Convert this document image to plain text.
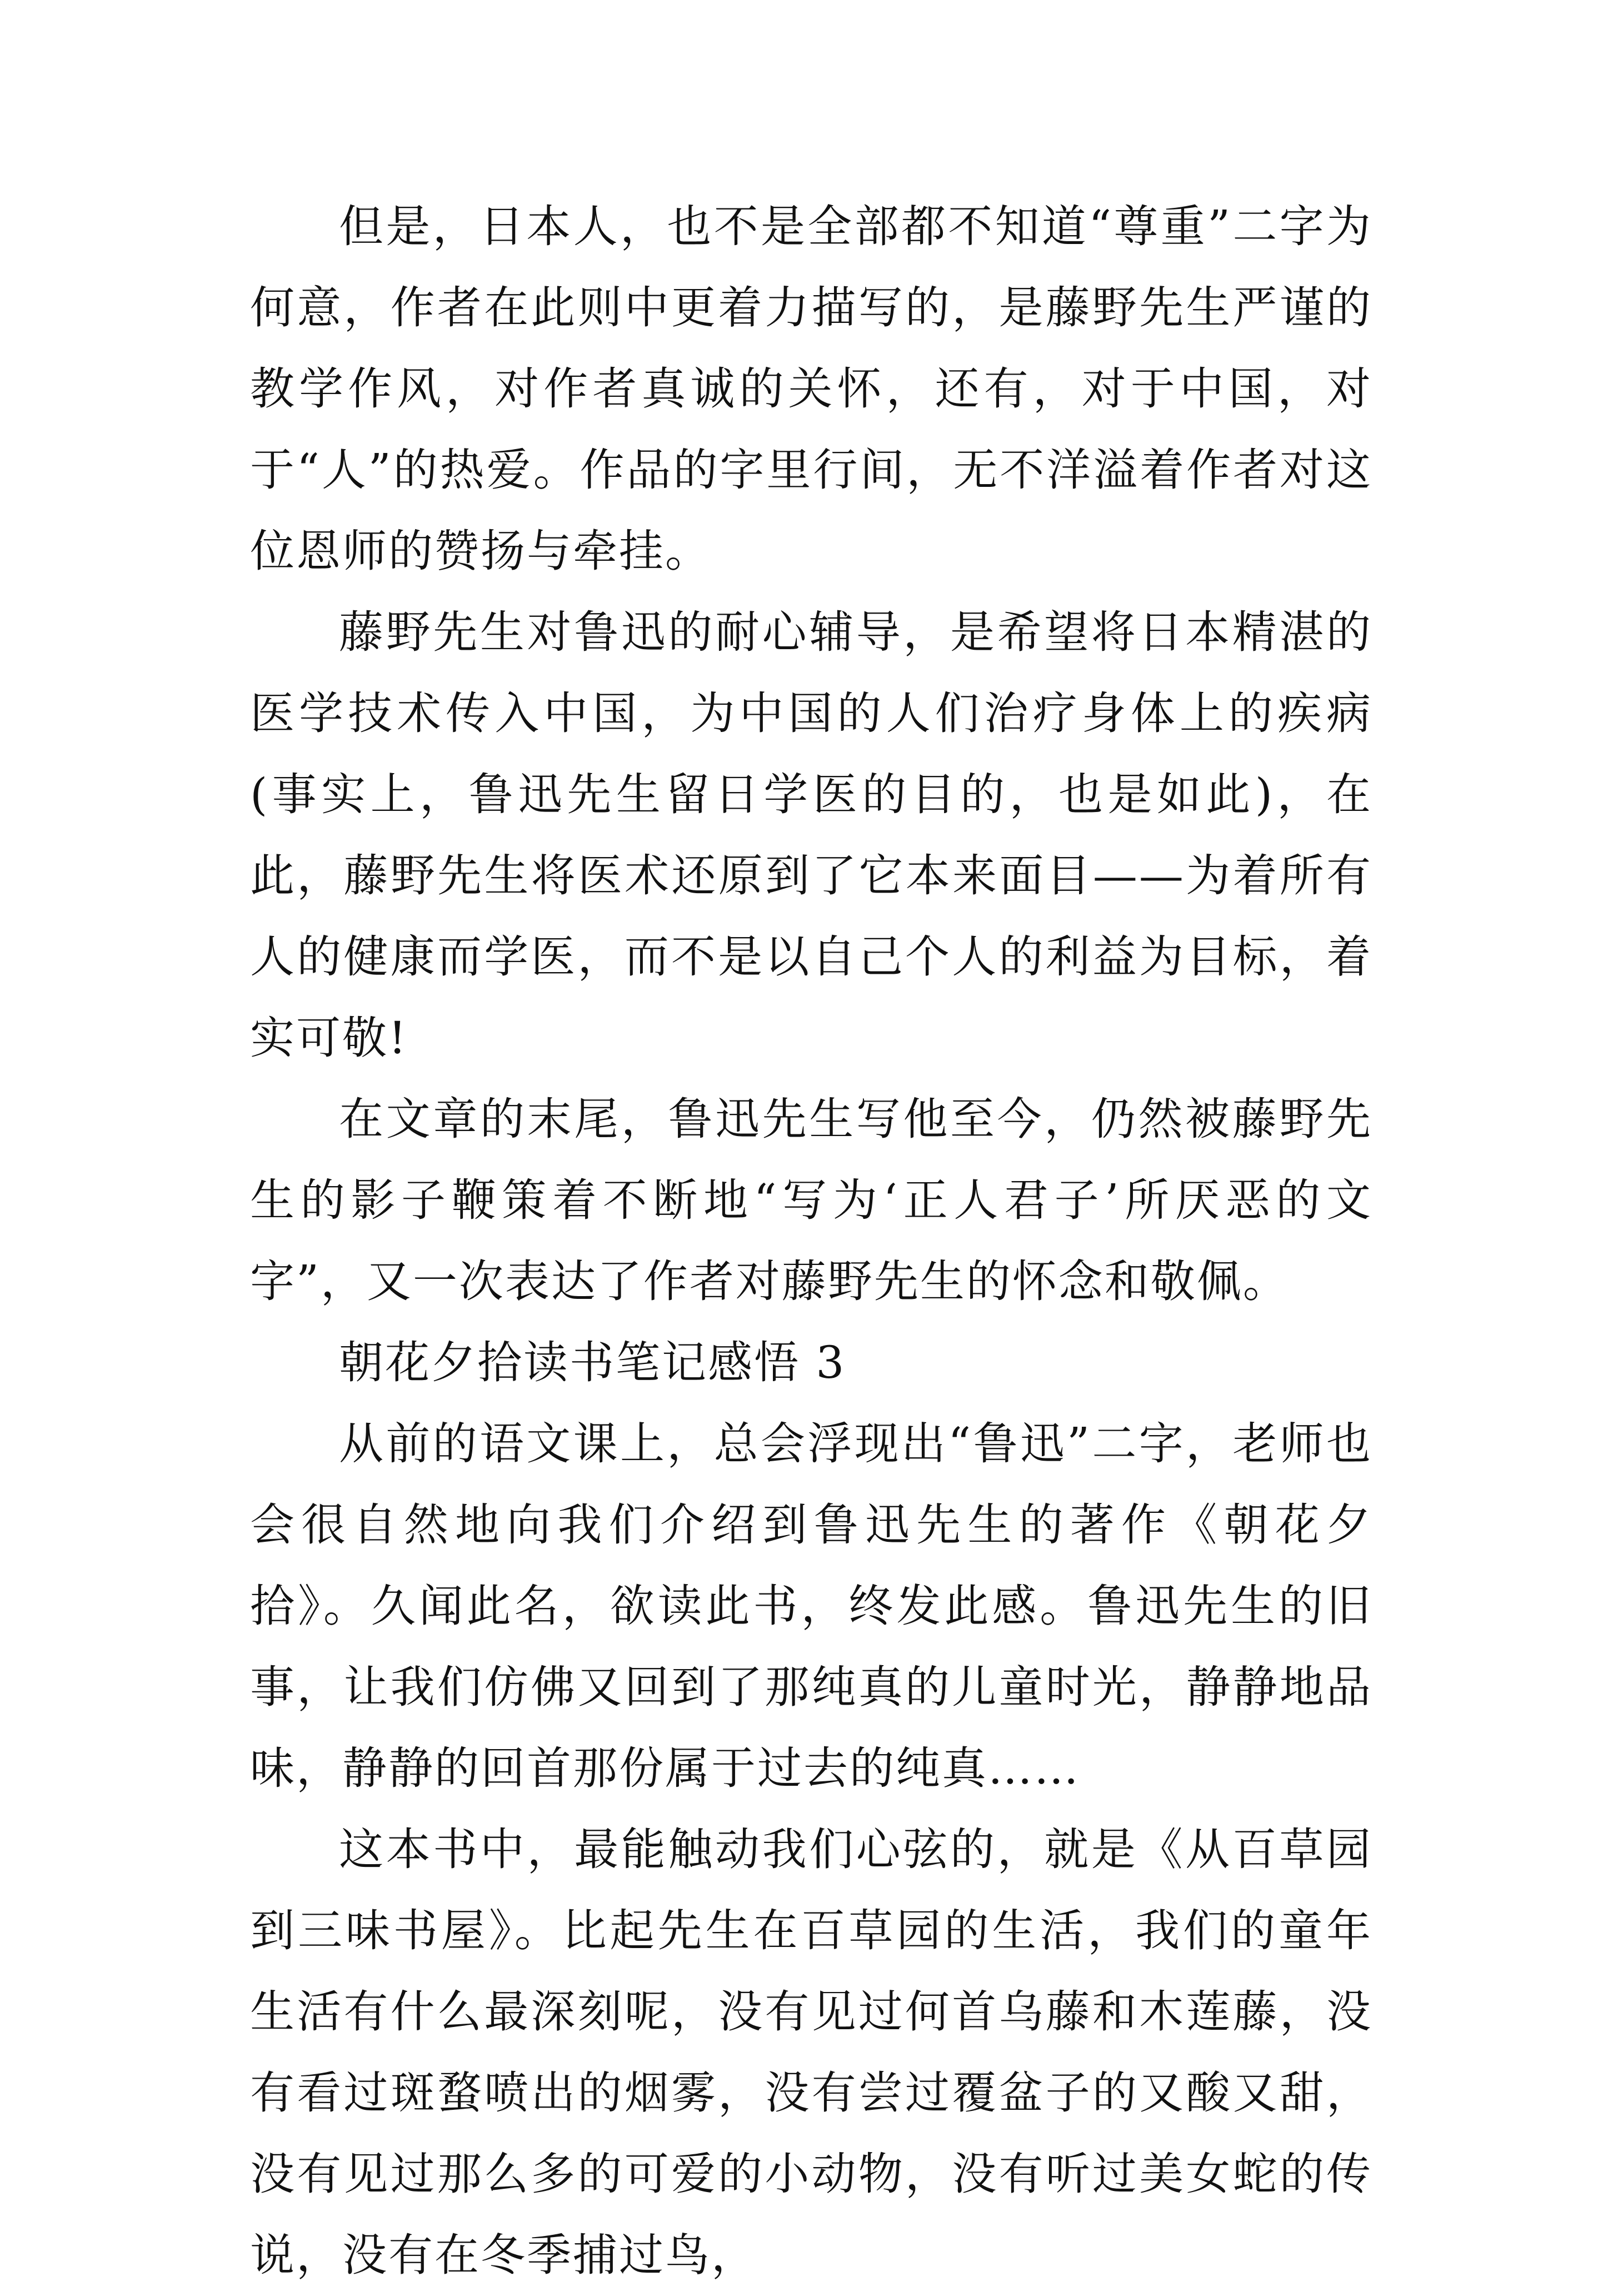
但是，日本人，也不是全部都不知道“尊重”二字为何意，作者在此则中更着力描写的，是藤野先生严谨的教学作风，对作者真诚的关怀，还有，对于中国，对于“人”的热爱。作品的字里行间，无不洋溢着作者对这位恩师的赞扬与牵挂。

藤野先生对鲁迅的耐心辅导，是希望将日本精湛的医学技术传入中国，为中国的人们治疗身体上的疾病(事实上，鲁迅先生留日学医的目的，也是如此)，在此，藤野先生将医术还原到了它本来面目——为着所有人的健康而学医，而不是以自己个人的利益为目标，着实可敬!

在文章的末尾，鲁迅先生写他至今，仍然被藤野先生的影子鞭策着不断地“写为‘正人君子’所厌恶的文字”，又一次表达了作者对藤野先生的怀念和敬佩。

朝花夕拾读书笔记感悟 3

从前的语文课上，总会浮现出“鲁迅”二字，老师也会很自然地向我们介绍到鲁迅先生的著作《朝花夕拾》。久闻此名，欲读此书，终发此感。鲁迅先生的旧事，让我们仿佛又回到了那纯真的儿童时光，静静地品味，静静的回首那份属于过去的纯真……

这本书中，最能触动我们心弦的，就是《从百草园到三味书屋》。比起先生在百草园的生活，我们的童年生活有什么最深刻呢，没有见过何首乌藤和木莲藤，没有看过斑蝥喷出的烟雾，没有尝过覆盆子的又酸又甜，没有见过那么多的可爱的小动物，没有听过美女蛇的传说，没有在冬季捕过鸟，
